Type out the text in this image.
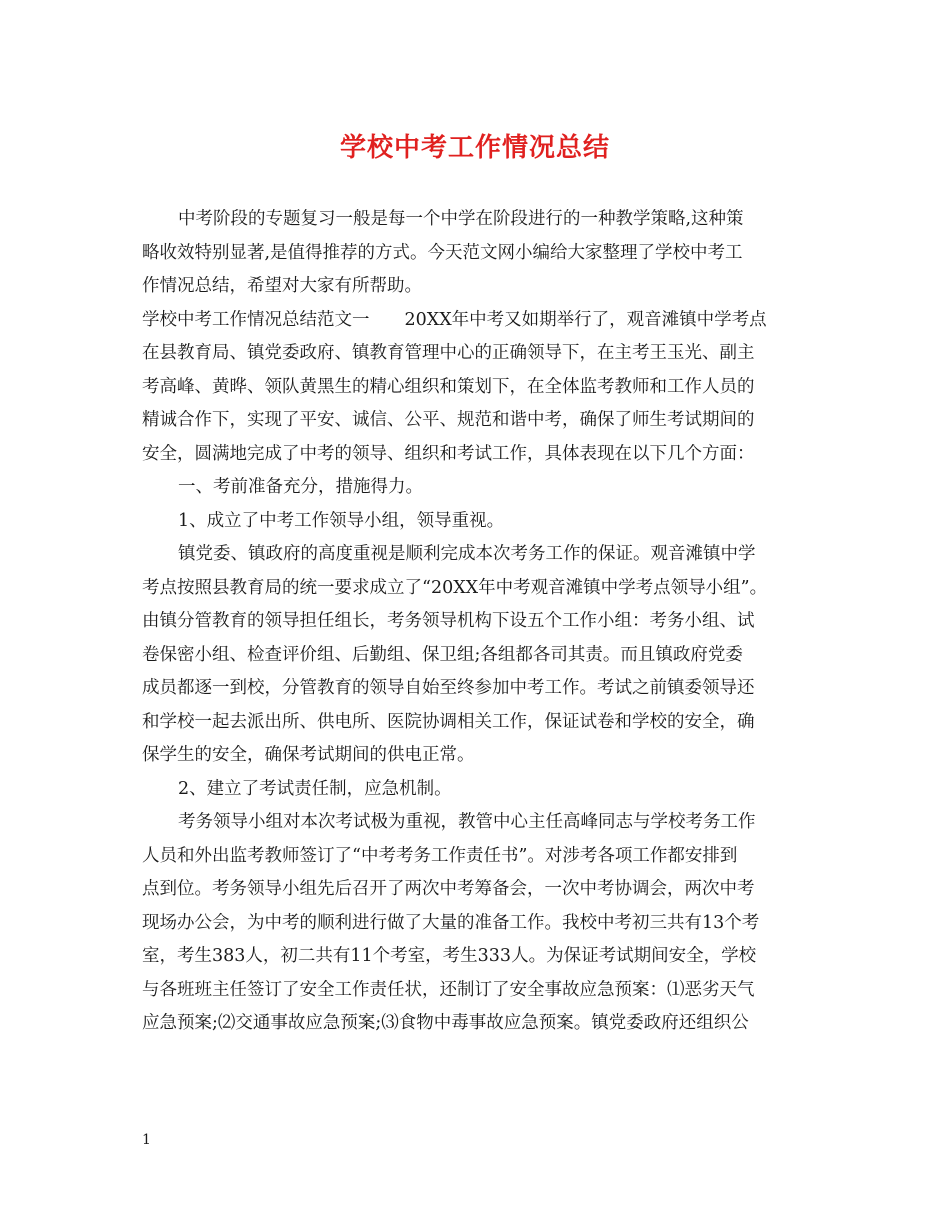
学校中考工作情况总结

中考阶段的专题复习一般是每一个中学在阶段进行的一种教学策略,这种策

略收效特别显著,是值得推荐的方式。今天范文网小编给大家整理了学校中考工

作情况总结，希望对大家有所帮助。

学校中考工作情况总结范文一　　20XX年中考又如期举行了，观音滩镇中学考点

在县教育局、镇党委政府、镇教育管理中心的正确领导下，在主考王玉光、副主

考高峰、黄晔、领队黄黑生的精心组织和策划下，在全体监考教师和工作人员的

精诚合作下，实现了平安、诚信、公平、规范和谐中考，确保了师生考试期间的

安全，圆满地完成了中考的领导、组织和考试工作，具体表现在以下几个方面：

一、考前准备充分，措施得力。

1、成立了中考工作领导小组，领导重视。

镇党委、镇政府的高度重视是顺利完成本次考务工作的保证。观音滩镇中学

考点按照县教育局的统一要求成立了“20XX年中考观音滩镇中学考点领导小组”。

由镇分管教育的领导担任组长，考务领导机构下设五个工作小组：考务小组、试

卷保密小组、检查评价组、后勤组、保卫组;各组都各司其责。而且镇政府党委

成员都逐一到校，分管教育的领导自始至终参加中考工作。考试之前镇委领导还

和学校一起去派出所、供电所、医院协调相关工作，保证试卷和学校的安全，确

保学生的安全，确保考试期间的供电正常。

2、建立了考试责任制，应急机制。

考务领导小组对本次考试极为重视，教管中心主任高峰同志与学校考务工作

人员和外出监考教师签订了“中考考务工作责任书”。对涉考各项工作都安排到

点到位。考务领导小组先后召开了两次中考筹备会，一次中考协调会，两次中考

现场办公会，为中考的顺利进行做了大量的准备工作。我校中考初三共有13个考

室，考生383人，初二共有11个考室，考生333人。为保证考试期间安全，学校

与各班班主任签订了安全工作责任状，还制订了安全事故应急预案：⑴恶劣天气

应急预案;⑵交通事故应急预案;⑶食物中毒事故应急预案。镇党委政府还组织公

1
